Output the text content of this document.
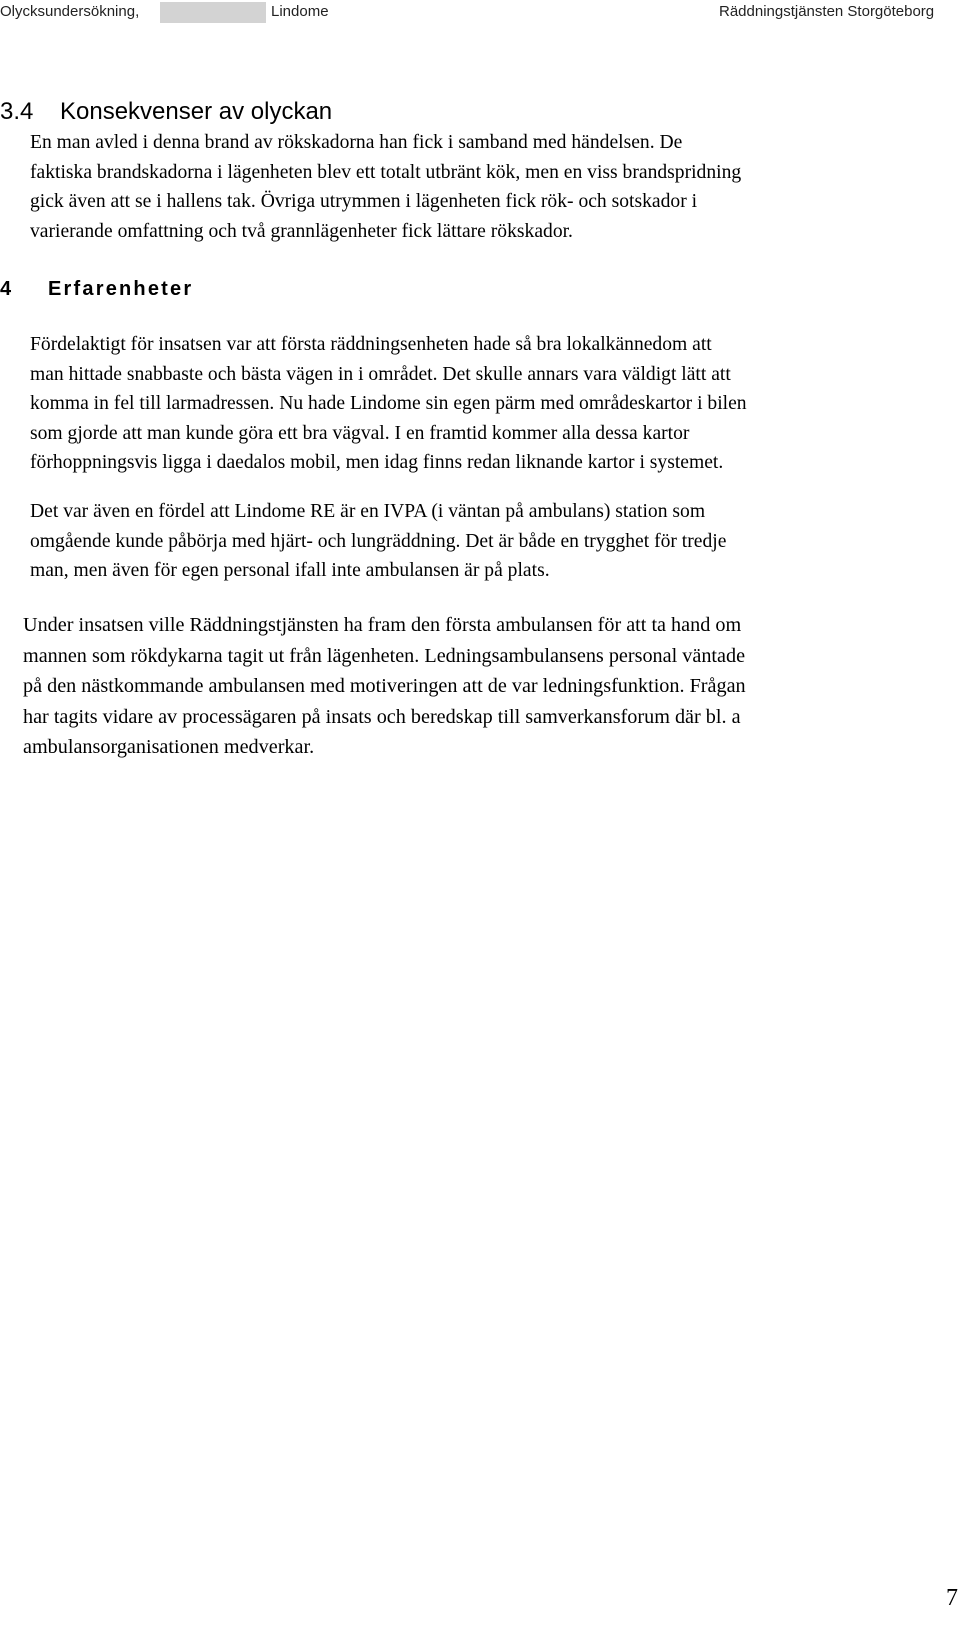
Olycksundersökning,	Lindome	Räddningstjänsten Storgöteborg
3.4 Konsekvenser av olyckan
En man avled i denna brand av rökskadorna han fick i samband med händelsen. De
faktiska brandskadorna i lägenheten blev ett totalt utbränt kök, men en viss brandspridning
gick även att se i hallens tak. Övriga utrymmen i lägenheten fick rök- och sotskador i
varierande omfattning och två grannlägenheter fick lättare rökskador.
4 Erfarenheter
Fördelaktigt för insatsen var att första räddningsenheten hade så bra lokalkännedom att
man hittade snabbaste och bästa vägen in i området. Det skulle annars vara väldigt lätt att
komma in fel till larmadressen. Nu hade Lindome sin egen pärm med områdeskartor i bilen
som gjorde att man kunde göra ett bra vägval. I en framtid kommer alla dessa kartor
förhoppningsvis ligga i daedalos mobil, men idag finns redan liknande kartor i systemet.
Det var även en fördel att Lindome RE är en IVPA (i väntan på ambulans) station som
omgående kunde påbörja med hjärt- och lungräddning. Det är både en trygghet för tredje
man, men även för egen personal ifall inte ambulansen är på plats.
Under insatsen ville Räddningstjänsten ha fram den första ambulansen för att ta hand om
mannen som rökdykarna tagit ut från lägenheten. Ledningsambulansens personal väntade
på den nästkommande ambulansen med motiveringen att de var ledningsfunktion. Frågan
har tagits vidare av processägaren på insats och beredskap till samverkansforum där bl. a
ambulansorganisationen medverkar.
7
